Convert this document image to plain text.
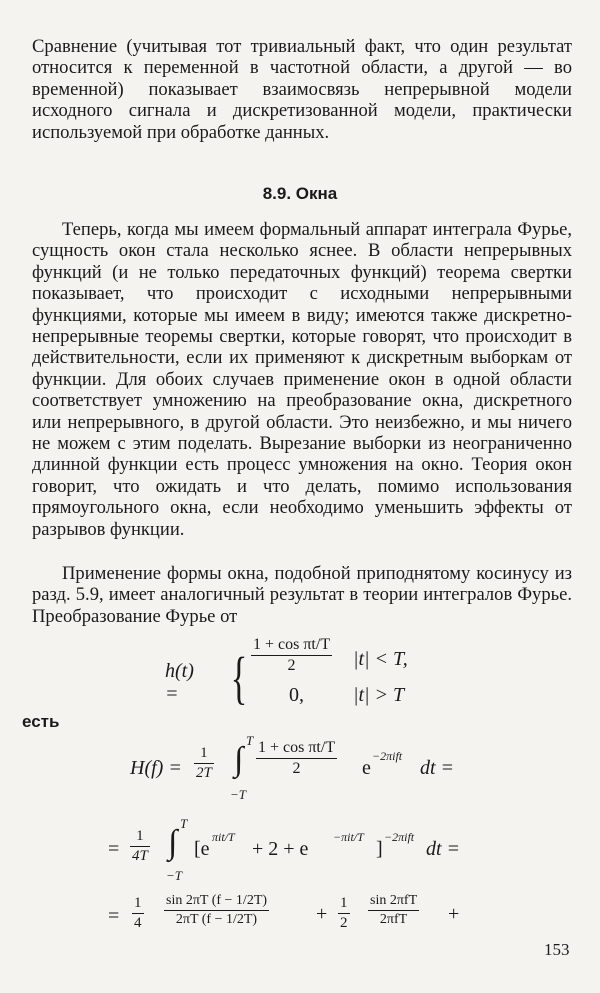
Сравнение (учитывая тот тривиальный факт, что один результат относится к переменной в частотной области, а другой — во временной) показывает взаимосвязь непрерывной модели исходного сигнала и дискретизованной модели, практически используемой при обработке данных.
8.9. Окна
Теперь, когда мы имеем формальный аппарат интеграла Фурье, сущность окон стала несколько яснее. В области непрерывных функций (и не только передаточных функций) теорема свертки показывает, что происходит с исходными непрерывными функциями, которые мы имеем в виду; имеются также дискретно-непрерывные теоремы свертки, которые говорят, что происходит в действительности, если их применяют к дискретным выборкам от функции. Для обоих случаев применение окон в одной области соответствует умножению на преобразование окна, дискретного или непрерывного, в другой области. Это неизбежно, и мы ничего не можем с этим поделать. Вырезание выборки из неограниченно длинной функции есть процесс умножения на окно. Теория окон говорит, что ожидать и что делать, помимо использования прямоугольного окна, если необходимо уменьшить эффекты от разрывов функции.
Применение формы окна, подобной приподнятому косинусу из разд. 5.9, имеет аналогичный результат в теории интегралов Фурье. Преобразование Фурье от
h(t) = { $\frac{\text{1 + cos πt/T}}{2} |t| < T$,
0, |t| > T
есть
$H(f) = \frac{1}{2T}$
T
∫
−T
$\frac{\text{1 + cos πt/T}}{2}$ e
−2πift
dt =
= $\frac{1}{4T}$
T
∫
−T
[e
πit/T
+ 2 + e
−πit/T
]
−2πift
dt =
= $\frac{1}{4} \frac{\sin 2\pi T (f - 1/2T)}{2\pi T (f - 1/2T)} + \frac{1}{2}$ sin 2πfT
2πfT	+
153
